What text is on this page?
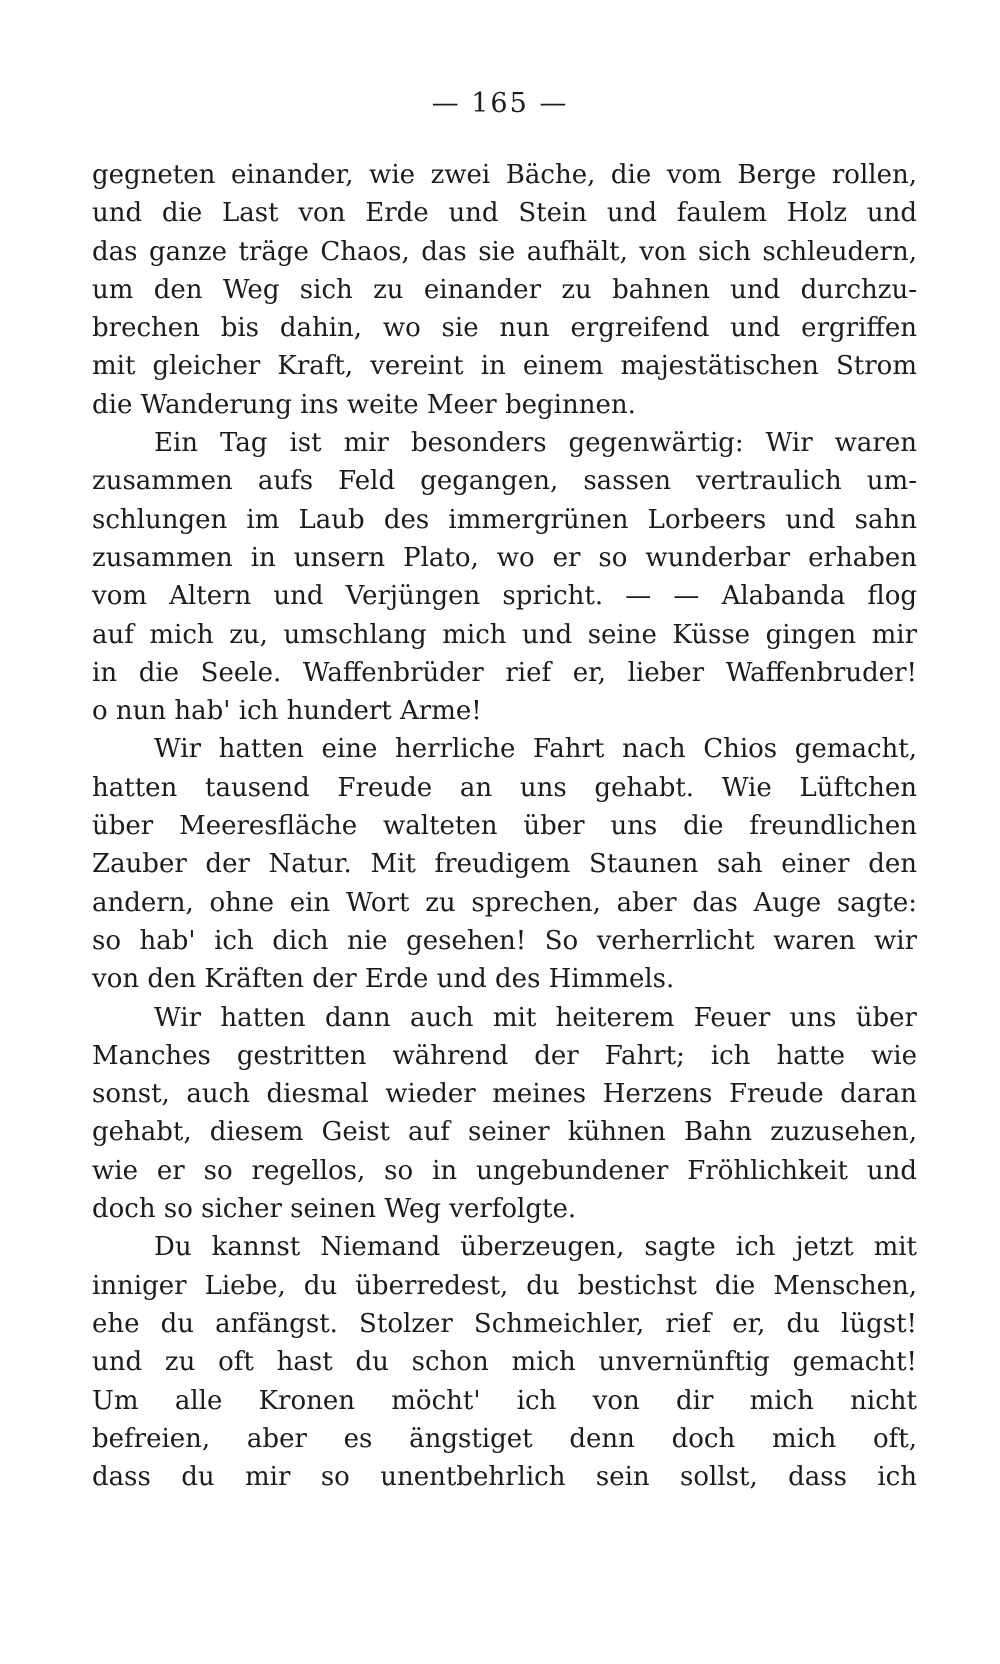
— 165 —
gegneten einander, wie zwei Bäche, die vom Berge rollen,
und die Last von Erde und Stein und faulem Holz und
das ganze träge Chaos, das sie aufhält, von sich schleudern,
um den Weg sich zu einander zu bahnen und durchzu-
brechen bis dahin, wo sie nun ergreifend und ergriffen
mit gleicher Kraft, vereint in einem majestätischen Strom
die Wanderung ins weite Meer beginnen.
Ein Tag ist mir besonders gegenwärtig: Wir waren
zusammen aufs Feld gegangen, sassen vertraulich um-
schlungen im Laub des immergrünen Lorbeers und sahn
zusammen in unsern Plato, wo er so wunderbar erhaben
vom Altern und Verjüngen spricht. — — Alabanda flog
auf mich zu, umschlang mich und seine Küsse gingen mir
in die Seele. Waffenbrüder rief er, lieber Waffenbruder!
o nun hab' ich hundert Arme!
Wir hatten eine herrliche Fahrt nach Chios gemacht,
hatten tausend Freude an uns gehabt. Wie Lüftchen
über Meeresfläche walteten über uns die freundlichen
Zauber der Natur. Mit freudigem Staunen sah einer den
andern, ohne ein Wort zu sprechen, aber das Auge sagte:
so hab' ich dich nie gesehen! So verherrlicht waren wir
von den Kräften der Erde und des Himmels.
Wir hatten dann auch mit heiterem Feuer uns über
Manches gestritten während der Fahrt; ich hatte wie
sonst, auch diesmal wieder meines Herzens Freude daran
gehabt, diesem Geist auf seiner kühnen Bahn zuzusehen,
wie er so regellos, so in ungebundener Fröhlichkeit und
doch so sicher seinen Weg verfolgte.
Du kannst Niemand überzeugen, sagte ich jetzt mit
inniger Liebe, du überredest, du bestichst die Menschen,
ehe du anfängst. Stolzer Schmeichler, rief er, du lügst!
und zu oft hast du schon mich unvernünftig gemacht!
Um alle Kronen möcht' ich von dir mich nicht
befreien, aber es ängstiget denn doch mich oft,
dass du mir so unentbehrlich sein sollst, dass ich
